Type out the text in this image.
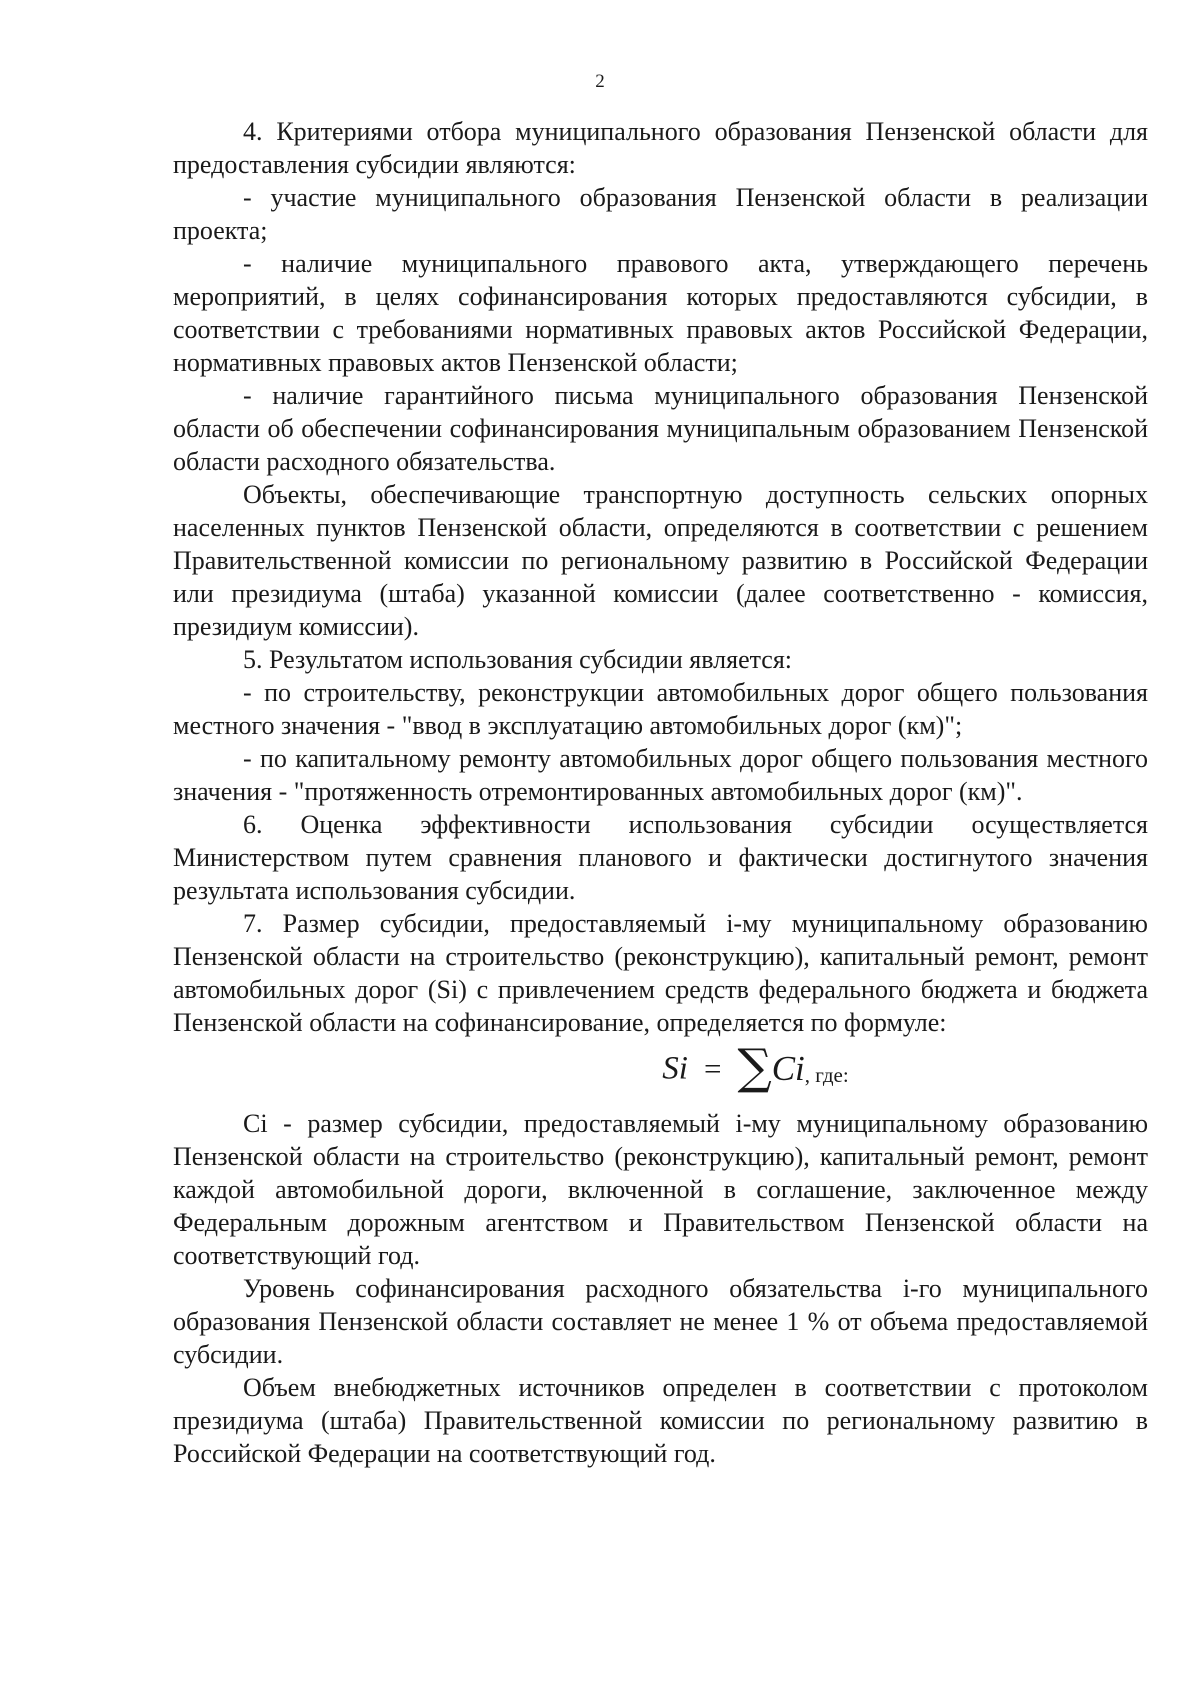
2

4. Критериями отбора муниципального образования Пензенской области для предоставления субсидии являются:

- участие муниципального образования Пензенской области в реализации проекта;

- наличие муниципального правового акта, утверждающего перечень мероприятий, в целях софинансирования которых предоставляются субсидии, в соответствии с требованиями нормативных правовых актов Российской Федерации, нормативных правовых актов Пензенской области;

- наличие гарантийного письма муниципального образования Пензенской области об обеспечении софинансирования муниципальным образованием Пензенской области расходного обязательства.

Объекты, обеспечивающие транспортную доступность сельских опорных населенных пунктов Пензенской области, определяются в соответствии с решением Правительственной комиссии по региональному развитию в Российской Федерации или президиума (штаба) указанной комиссии (далее соответственно - комиссия, президиум комиссии).

5. Результатом использования субсидии является:

- по строительству, реконструкции автомобильных дорог общего пользования местного значения - "ввод в эксплуатацию автомобильных дорог (км)";

- по капитальному ремонту автомобильных дорог общего пользования местного значения - "протяженность отремонтированных автомобильных дорог (км)".

6. Оценка эффективности использования субсидии осуществляется Министерством путем сравнения планового и фактически достигнутого значения результата использования субсидии.

7. Размер субсидии, предоставляемый i-му муниципальному образованию Пензенской области на строительство (реконструкцию), капитальный ремонт, ремонт автомобильных дорог (Si) с привлечением средств федерального бюджета и бюджета Пензенской области на софинансирование, определяется по формуле:

Si = ∑Ci, где:

Ci - размер субсидии, предоставляемый i-му муниципальному образованию Пензенской области на строительство (реконструкцию), капитальный ремонт, ремонт каждой автомобильной дороги, включенной в соглашение, заключенное между Федеральным дорожным агентством и Правительством Пензенской области на соответствующий год.

Уровень софинансирования расходного обязательства i-го муниципального образования Пензенской области составляет не менее 1 % от объема предоставляемой субсидии.

Объем внебюджетных источников определен в соответствии с протоколом президиума (штаба) Правительственной комиссии по региональному развитию в Российской Федерации на соответствующий год.
